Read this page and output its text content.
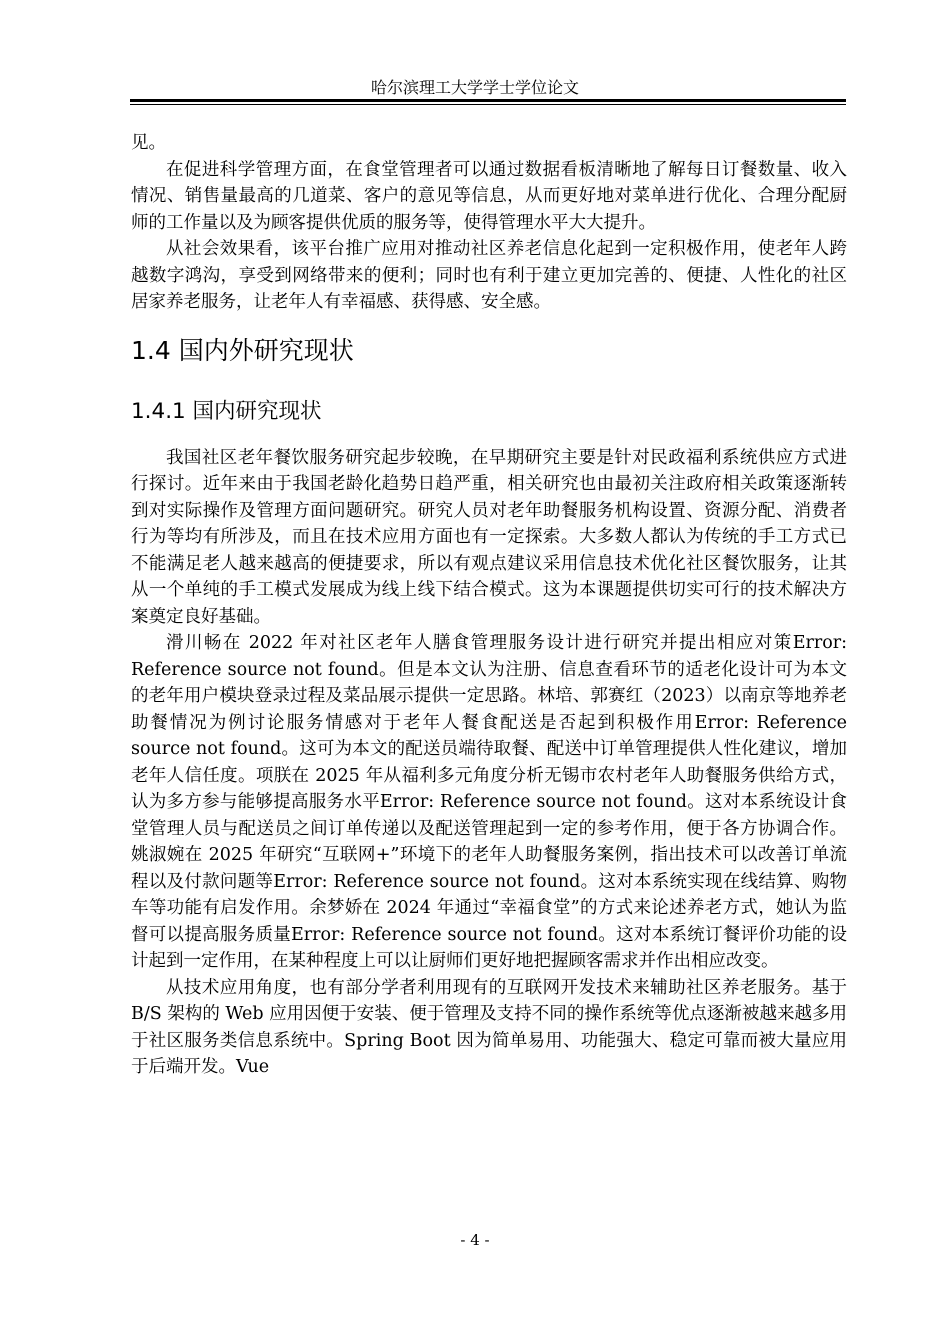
哈尔滨理工大学学士学位论文

见。

在促进科学管理方面，在食堂管理者可以通过数据看板清晰地了解每日订餐数量、收入情况、销售量最高的几道菜、客户的意见等信息，从而更好地对菜单进行优化、合理分配厨师的工作量以及为顾客提供优质的服务等，使得管理水平大大提升。

从社会效果看，该平台推广应用对推动社区养老信息化起到一定积极作用，使老年人跨越数字鸿沟，享受到网络带来的便利；同时也有利于建立更加完善的、便捷、人性化的社区居家养老服务，让老年人有幸福感、获得感、安全感。

1.4 国内外研究现状
1.4.1 国内研究现状

我国社区老年餐饮服务研究起步较晚，在早期研究主要是针对民政福利系统供应方式进行探讨。近年来由于我国老龄化趋势日趋严重，相关研究也由最初关注政府相关政策逐渐转到对实际操作及管理方面问题研究。研究人员对老年助餐服务机构设置、资源分配、消费者行为等均有所涉及，而且在技术应用方面也有一定探索。大多数人都认为传统的手工方式已不能满足老人越来越高的便捷要求，所以有观点建议采用信息技术优化社区餐饮服务，让其从一个单纯的手工模式发展成为线上线下结合模式。这为本课题提供切实可行的技术解决方案奠定良好基础。

滑川畅在 2022 年对社区老年人膳食管理服务设计进行研究并提出相应对策Error: Reference source not found。但是本文认为注册、信息查看环节的适老化设计可为本文的老年用户模块登录过程及菜品展示提供一定思路。林培、郭赛红（2023）以南京等地养老助餐情况为例讨论服务情感对于老年人餐食配送是否起到积极作用Error: Reference source not found。这可为本文的配送员端待取餐、配送中订单管理提供人性化建议，增加老年人信任度。项朕在 2025 年从福利多元角度分析无锡市农村老年人助餐服务供给方式，认为多方参与能够提高服务水平Error: Reference source not found。这对本系统设计食堂管理人员与配送员之间订单传递以及配送管理起到一定的参考作用，便于各方协调合作。姚淑婉在 2025 年研究“互联网+”环境下的老年人助餐服务案例，指出技术可以改善订单流程以及付款问题等Error: Reference source not found。这对本系统实现在线结算、购物车等功能有启发作用。余梦娇在 2024 年通过“幸福食堂”的方式来论述养老方式，她认为监督可以提高服务质量Error: Reference source not found。这对本系统订餐评价功能的设计起到一定作用，在某种程度上可以让厨师们更好地把握顾客需求并作出相应改变。

从技术应用角度，也有部分学者利用现有的互联网开发技术来辅助社区养老服务。基于 B/S 架构的 Web 应用因便于安装、便于管理及支持不同的操作系统等优点逐渐被越来越多用于社区服务类信息系统中。Spring Boot 因为简单易用、功能强大、稳定可靠而被大量应用于后端开发。Vue

- 4 -
